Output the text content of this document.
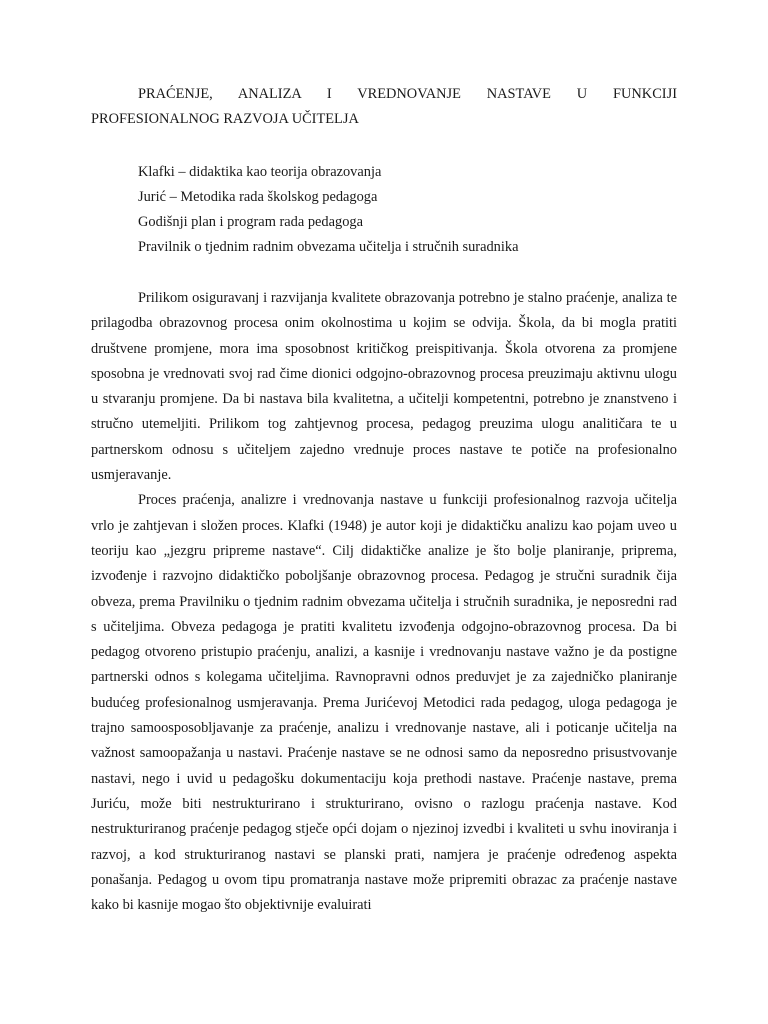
PRAĆENJE, ANALIZA I VREDNOVANJE NASTAVE U FUNKCIJI
PROFESIONALNOG RAZVOJA UČITELJA
Klafki – didaktika kao teorija obrazovanja
Jurić – Metodika rada školskog pedagoga
Godišnji plan i program rada pedagoga
Pravilnik o tjednim radnim obvezama učitelja i stručnih suradnika

Prilikom osiguravanj i razvijanja kvalitete obrazovanja potrebno je stalno praćenje, analiza te prilagodba obrazovnog procesa onim okolnostima u kojim se odvija. Škola, da bi mogla pratiti društvene promjene, mora ima sposobnost kritičkog preispitivanja. Škola otvorena za promjene sposobna je vrednovati svoj rad čime dionici odgojno-obrazovnog procesa preuzimaju aktivnu ulogu u stvaranju promjene. Da bi nastava bila kvalitetna, a učitelji kompetentni, potrebno je znanstveno i stručno utemeljiti. Prilikom tog zahtjevnog procesa, pedagog preuzima ulogu analitičara te u partnerskom odnosu s učiteljem zajedno vrednuje proces nastave te potiče na profesionalno usmjeravanje.

Proces praćenja, analizre i vrednovanja nastave u funkciji profesionalnog razvoja učitelja vrlo je zahtjevan i složen proces. Klafki (1948) je autor koji je didaktičku analizu kao pojam uveo u teoriju kao „jezgru pripreme nastave“. Cilj didaktičke analize je što bolje planiranje, priprema, izvođenje i razvojno didaktičko poboljšanje obrazovnog procesa. Pedagog je stručni suradnik čija obveza, prema Pravilniku o tjednim radnim obvezama učitelja i stručnih suradnika, je neposredni rad s učiteljima. Obveza pedagoga je pratiti kvalitetu izvođenja odgojno-obrazovnog procesa. Da bi pedagog otvoreno pristupio praćenju, analizi, a kasnije i vrednovanju nastave važno je da postigne partnerski odnos s kolegama učiteljima. Ravnopravni odnos preduvjet je za zajedničko planiranje budućeg profesionalnog usmjeravanja. Prema Jurićevoj Metodici rada pedagog, uloga pedagoga je trajno samoosposobljavanje za praćenje, analizu i vrednovanje nastave, ali i poticanje učitelja na važnost samoopažanja u nastavi. Praćenje nastave se ne odnosi samo da neposredno prisustvovanje nastavi, nego i uvid u pedagošku dokumentaciju koja prethodi nastave. Praćenje nastave, prema Juriću, može biti nestrukturirano i strukturirano, ovisno o razlogu praćenja nastave. Kod nestrukturiranog praćenje pedagog stječe opći dojam o njezinoj izvedbi i kvaliteti u svhu inoviranja i razvoj, a kod strukturiranog nastavi se planski prati, namjera je praćenje određenog aspekta ponašanja. Pedagog u ovom tipu promatranja nastave može pripremiti obrazac za praćenje nastave kako bi kasnije mogao što objektivnije evaluirati
